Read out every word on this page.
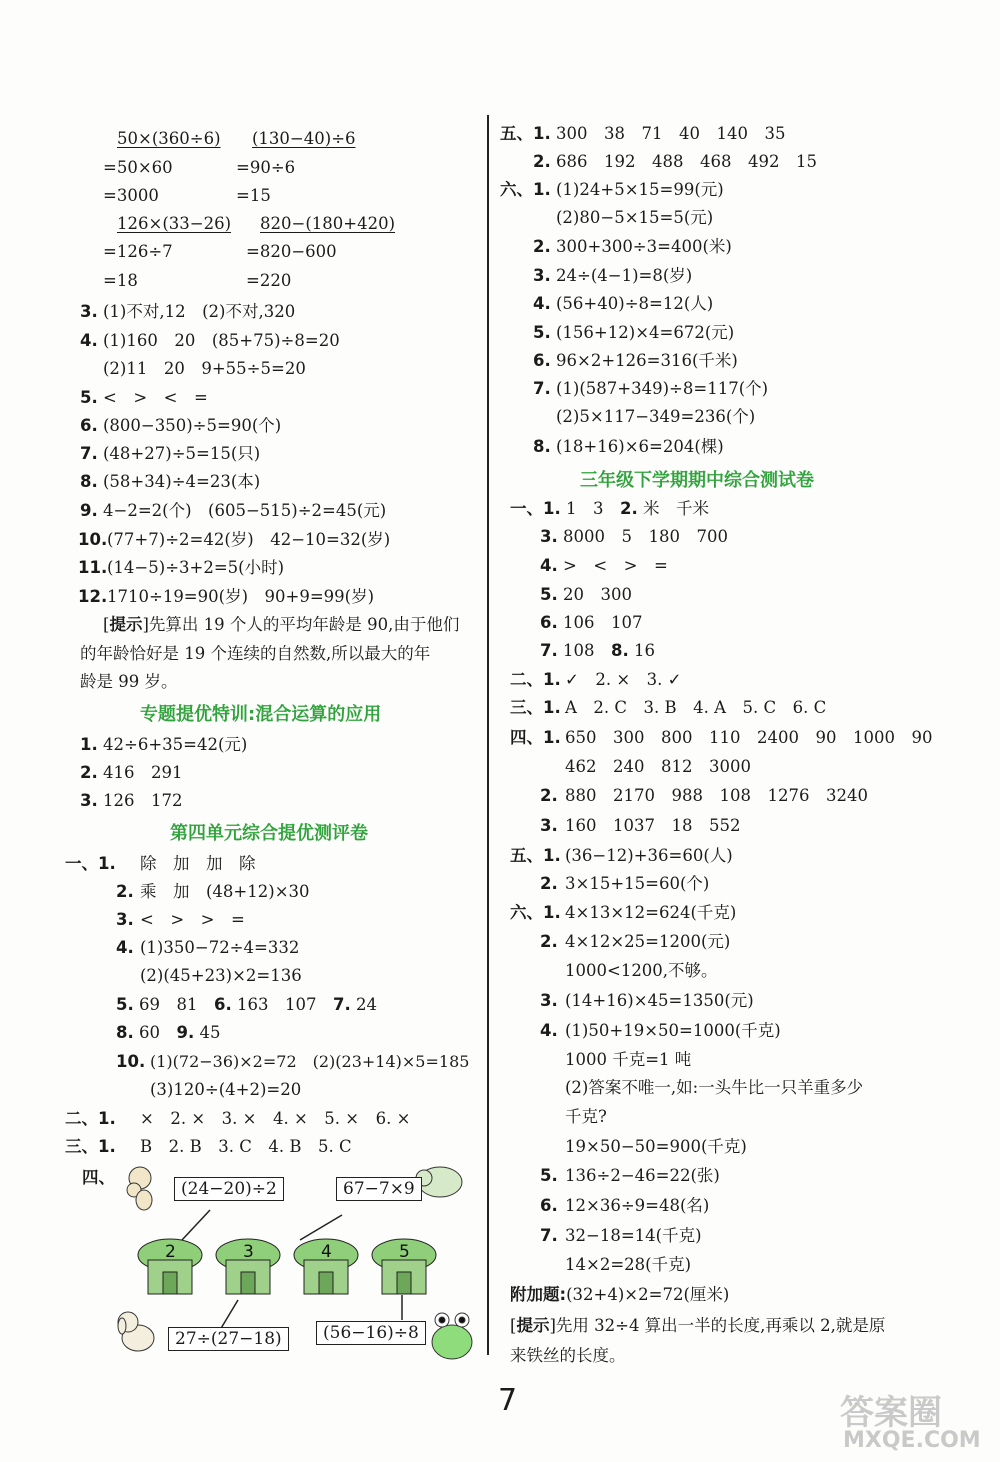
50×(360÷6) (130−40)÷6
=50×60	=90÷6
=3000	=15
126×(33−26) 820−(180+420)
=126÷7	=820−600
=18	=220
3. (1)不对,12　(2)不对,320
4. (1)160　20　(85+75)÷8=20
(2)11　20　9+55÷5=20
5. <　>　<　=
6. (800−350)÷5=90(个)
7. (48+27)÷5=15(只)
8. (58+34)÷4=23(本)
9. 4−2=2(个)　(605−515)÷2=45(元)
10. (77+7)÷2=42(岁)　42−10=32(岁)
11. (14−5)÷3+2=5(小时)
12. 1710÷19=90(岁)　90+9=99(岁)
[提示]先算出 19 个人的平均年龄是 90,由于他们
的年龄恰好是 19 个连续的自然数,所以最大的年
龄是 99 岁。
专题提优特训:混合运算的应用
1. 42÷6+35=42(元)
2. 416　291
3. 126　172
第四单元综合提优测评卷
一、1. 除　加　加　除
2. 乘　加　(48+12)×30
3. <　>　>　=
4. (1)350−72÷4=332
(2)(45+23)×2=136
5. 69　81　 6. 163　107　 7. 24
8. 60　 9. 45
10. (1)(72−36)×2=72　(2)(23+14)×5=185
(3)120÷(4+2)=20
二、1. ×　2. ×　3. ×　4. ×　5. ×　6. ×
三、1. B　2. B　3. C　4. B　5. C
四、
2	3	4	5
(24−20)÷2	67−7×9
27÷(27−18)	(56−16)÷8
五、1. 300　38　71　40　140　35
2. 686　192　488　468　492　15
六、1. (1)24+5×15=99(元)
(2)80−5×15=5(元)
2. 300+300÷3=400(米)
3. 24÷(4−1)=8(岁)
4. (56+40)÷8=12(人)
5. (156+12)×4=672(元)
6. 96×2+126=316(千米)
7. (1)(587+349)÷8=117(个)
(2)5×117−349=236(个)
8. (18+16)×6=204(棵)
三年级下学期期中综合测试卷
一、1. 1　3　 2. 米　千米
3. 8000　5　180　700
4. >　<　>　=
5. 20　300
6. 106　107
7. 108　 8. 16
二、1. ✓　2. ×　3. ✓
三、1. A　2. C　3. B　4. A　5. C　6. C
四、1. 650　300　800　110　2400　90　1000　90
462　240　812　3000
2. 880　2170　988　108　1276　3240
3. 160　1037　18　552
五、1. (36−12)+36=60(人)
2. 3×15+15=60(个)
六、1. 4×13×12=624(千克)
2. 4×12×25=1200(元)
1000<1200,不够。
3. (14+16)×45=1350(元)
4. (1)50+19×50=1000(千克)
1000 千克=1 吨
(2)答案不唯一,如:一头牛比一只羊重多少
千克?
19×50−50=900(千克)
5. 136÷2−46=22(张)
6. 12×36÷9=48(名)
7. 32−18=14(千克)
14×2=28(千克)
附加题:(32+4)×2=72(厘米)
[提示]先用 32÷4 算出一半的长度,再乘以 2,就是原
来铁丝的长度。
7	答案圈
MXQE.COM
